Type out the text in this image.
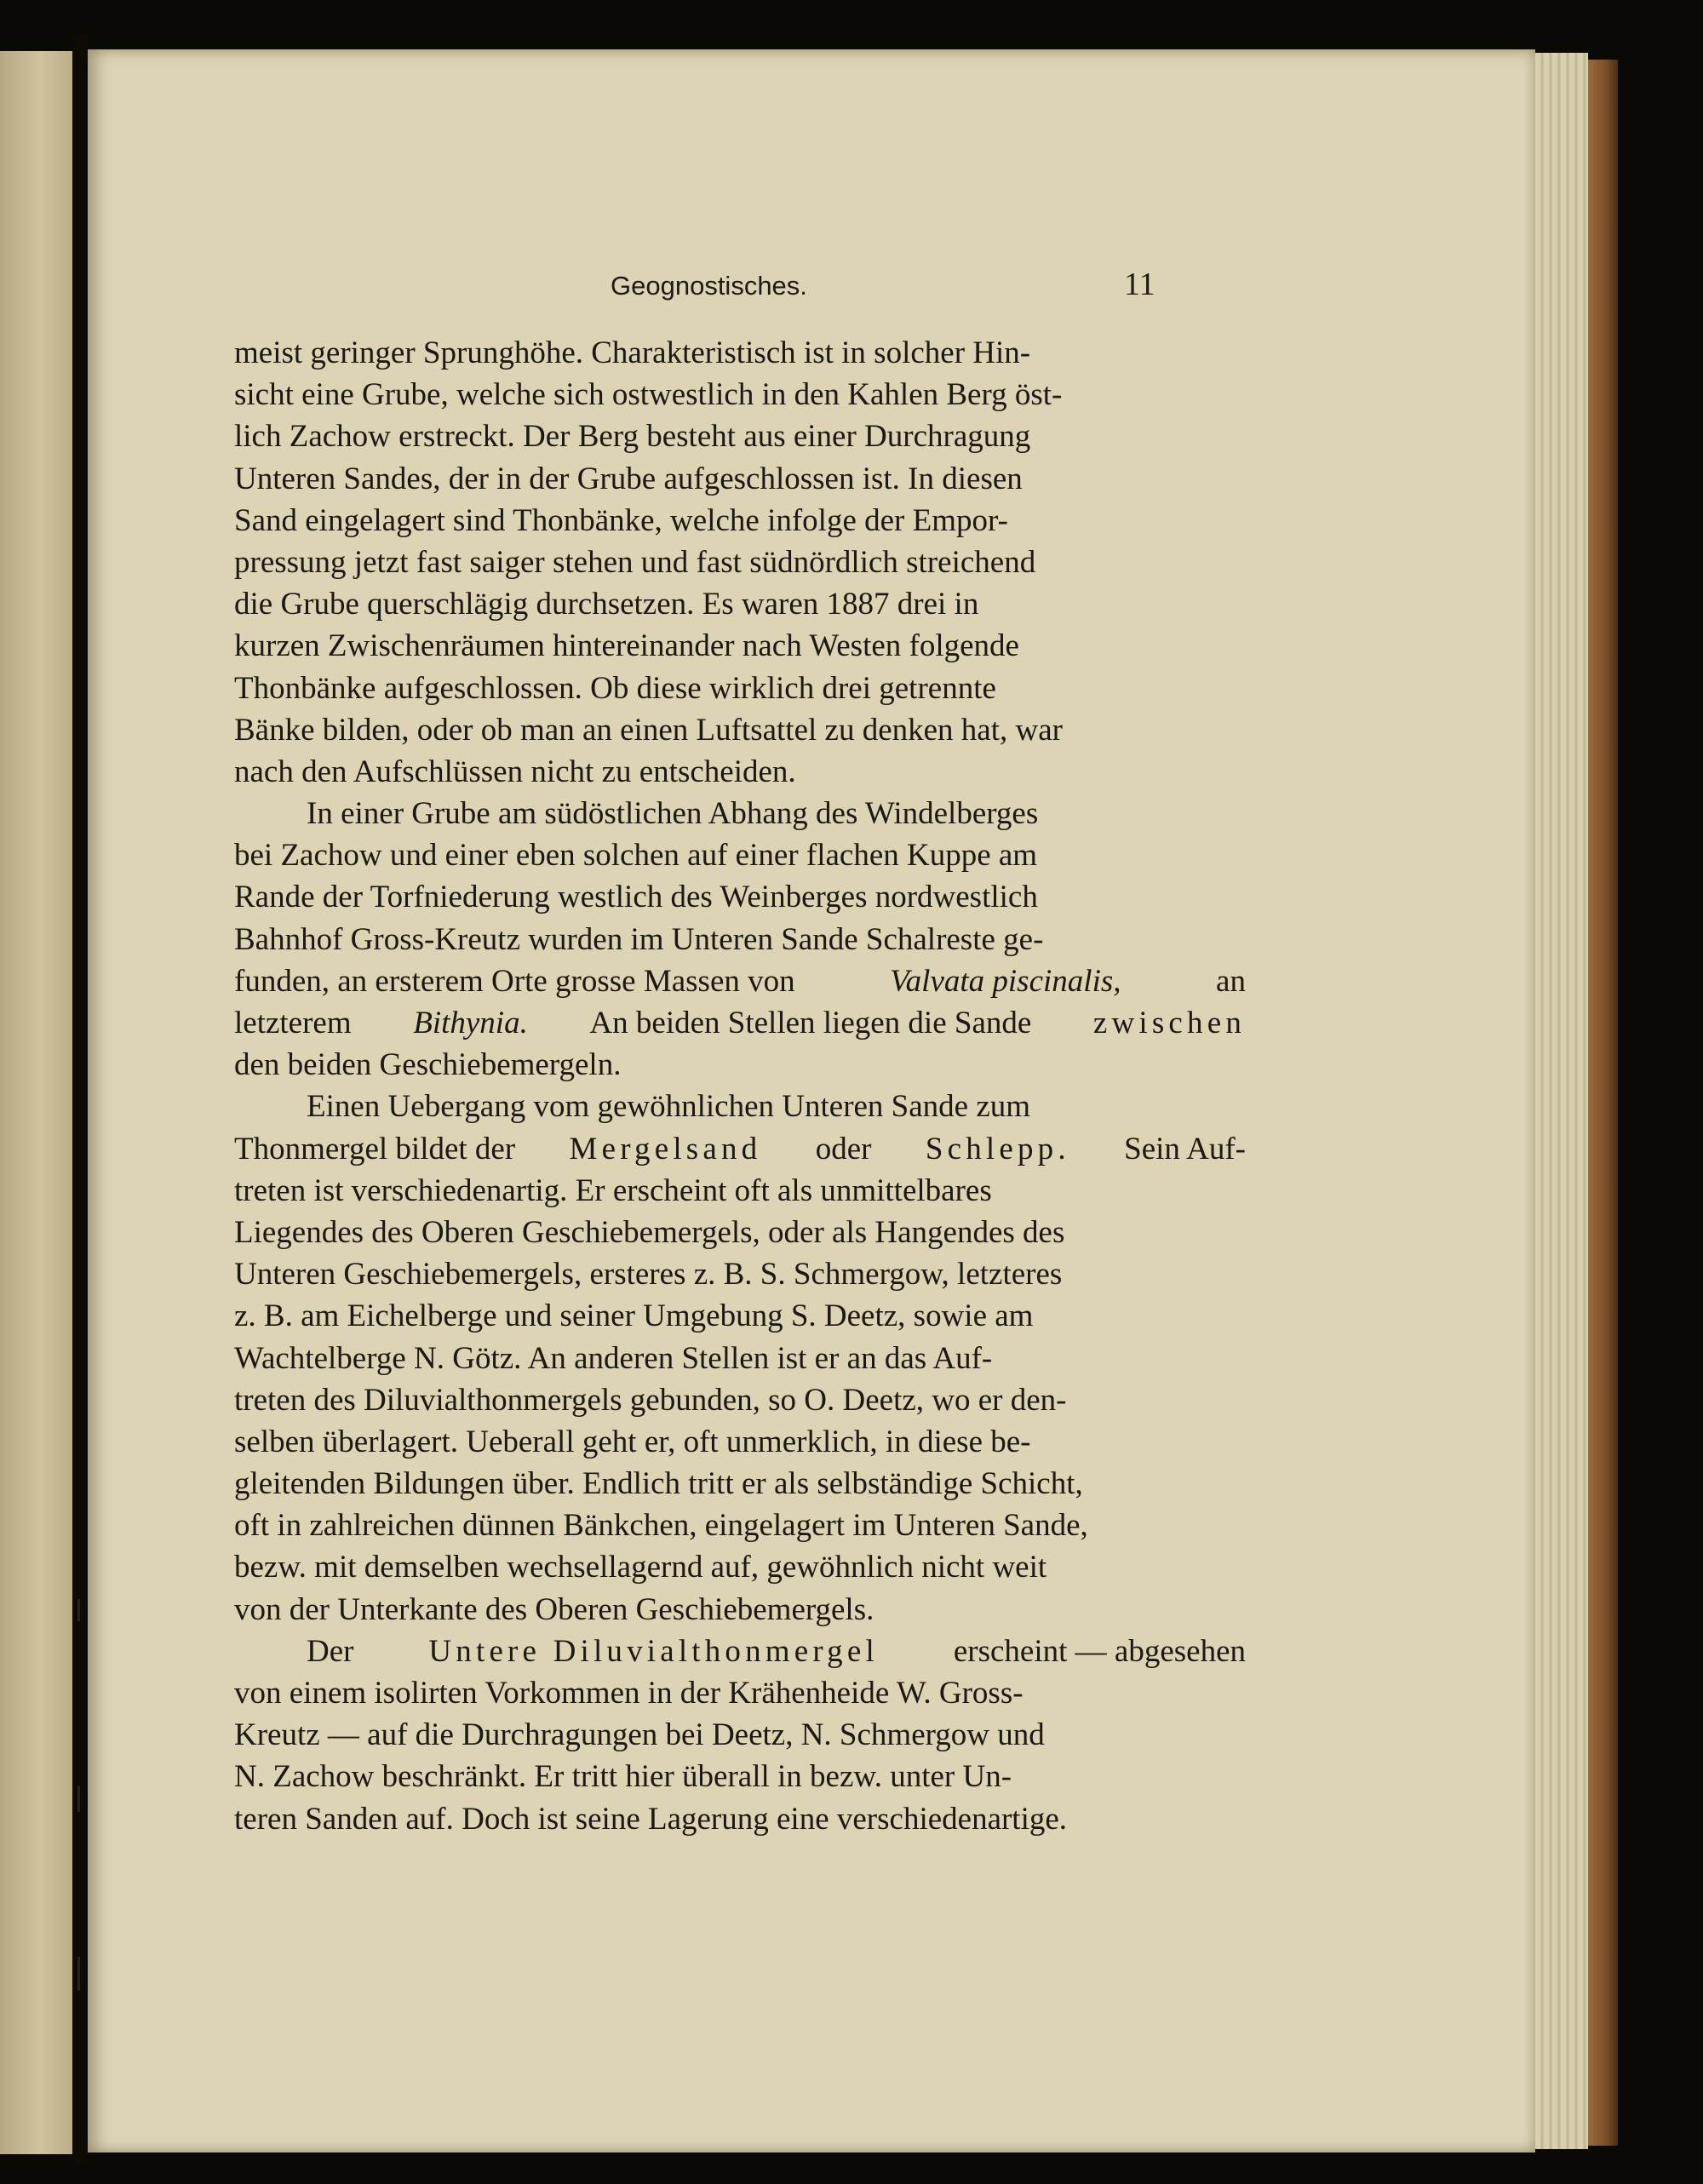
Geognostisches.	11
meist geringer Sprunghöhe. Charakteristisch ist in solcher Hin-
sicht eine Grube, welche sich ostwestlich in den Kahlen Berg öst-
lich Zachow erstreckt. Der Berg besteht aus einer Durchragung
Unteren Sandes, der in der Grube aufgeschlossen ist. In diesen
Sand eingelagert sind Thonbänke, welche infolge der Empor-
pressung jetzt fast saiger stehen und fast südnördlich streichend
die Grube querschlägig durchsetzen. Es waren 1887 drei in
kurzen Zwischenräumen hintereinander nach Westen folgende
Thonbänke aufgeschlossen. Ob diese wirklich drei getrennte
Bänke bilden, oder ob man an einen Luftsattel zu denken hat, war
nach den Aufschlüssen nicht zu entscheiden.
In einer Grube am südöstlichen Abhang des Windelberges
bei Zachow und einer eben solchen auf einer flachen Kuppe am
Rande der Torfniederung westlich des Weinberges nordwestlich
Bahnhof Gross-Kreutz wurden im Unteren Sande Schalreste ge-
funden, an ersterem Orte grosse Massen von	Valvata piscinalis,	an
letzterem Bithynia. An beiden Stellen liegen die Sande zwischen
den beiden Geschiebemergeln.
Einen Uebergang vom gewöhnlichen Unteren Sande zum
Thonmergel bildet der Mergelsand oder Schlepp. Sein Auf-
treten ist verschiedenartig. Er erscheint oft als unmittelbares
Liegendes des Oberen Geschiebemergels, oder als Hangendes des
Unteren Geschiebemergels, ersteres z. B. S. Schmergow, letzteres
z. B. am Eichelberge und seiner Umgebung S. Deetz, sowie am
Wachtelberge N. Götz. An anderen Stellen ist er an das Auf-
treten des Diluvialthonmergels gebunden, so O. Deetz, wo er den-
selben überlagert. Ueberall geht er, oft unmerklich, in diese be-
gleitenden Bildungen über. Endlich tritt er als selbständige Schicht,
oft in zahlreichen dünnen Bänkchen, eingelagert im Unteren Sande,
bezw. mit demselben wechsellagernd auf, gewöhnlich nicht weit
von der Unterkante des Oberen Geschiebemergels.
Der Untere Diluvialthonmergel erscheint — abgesehen
von einem isolirten Vorkommen in der Krähenheide W. Gross-
Kreutz — auf die Durchragungen bei Deetz, N. Schmergow und
N. Zachow beschränkt. Er tritt hier überall in bezw. unter Un-
teren Sanden auf. Doch ist seine Lagerung eine verschiedenartige.
